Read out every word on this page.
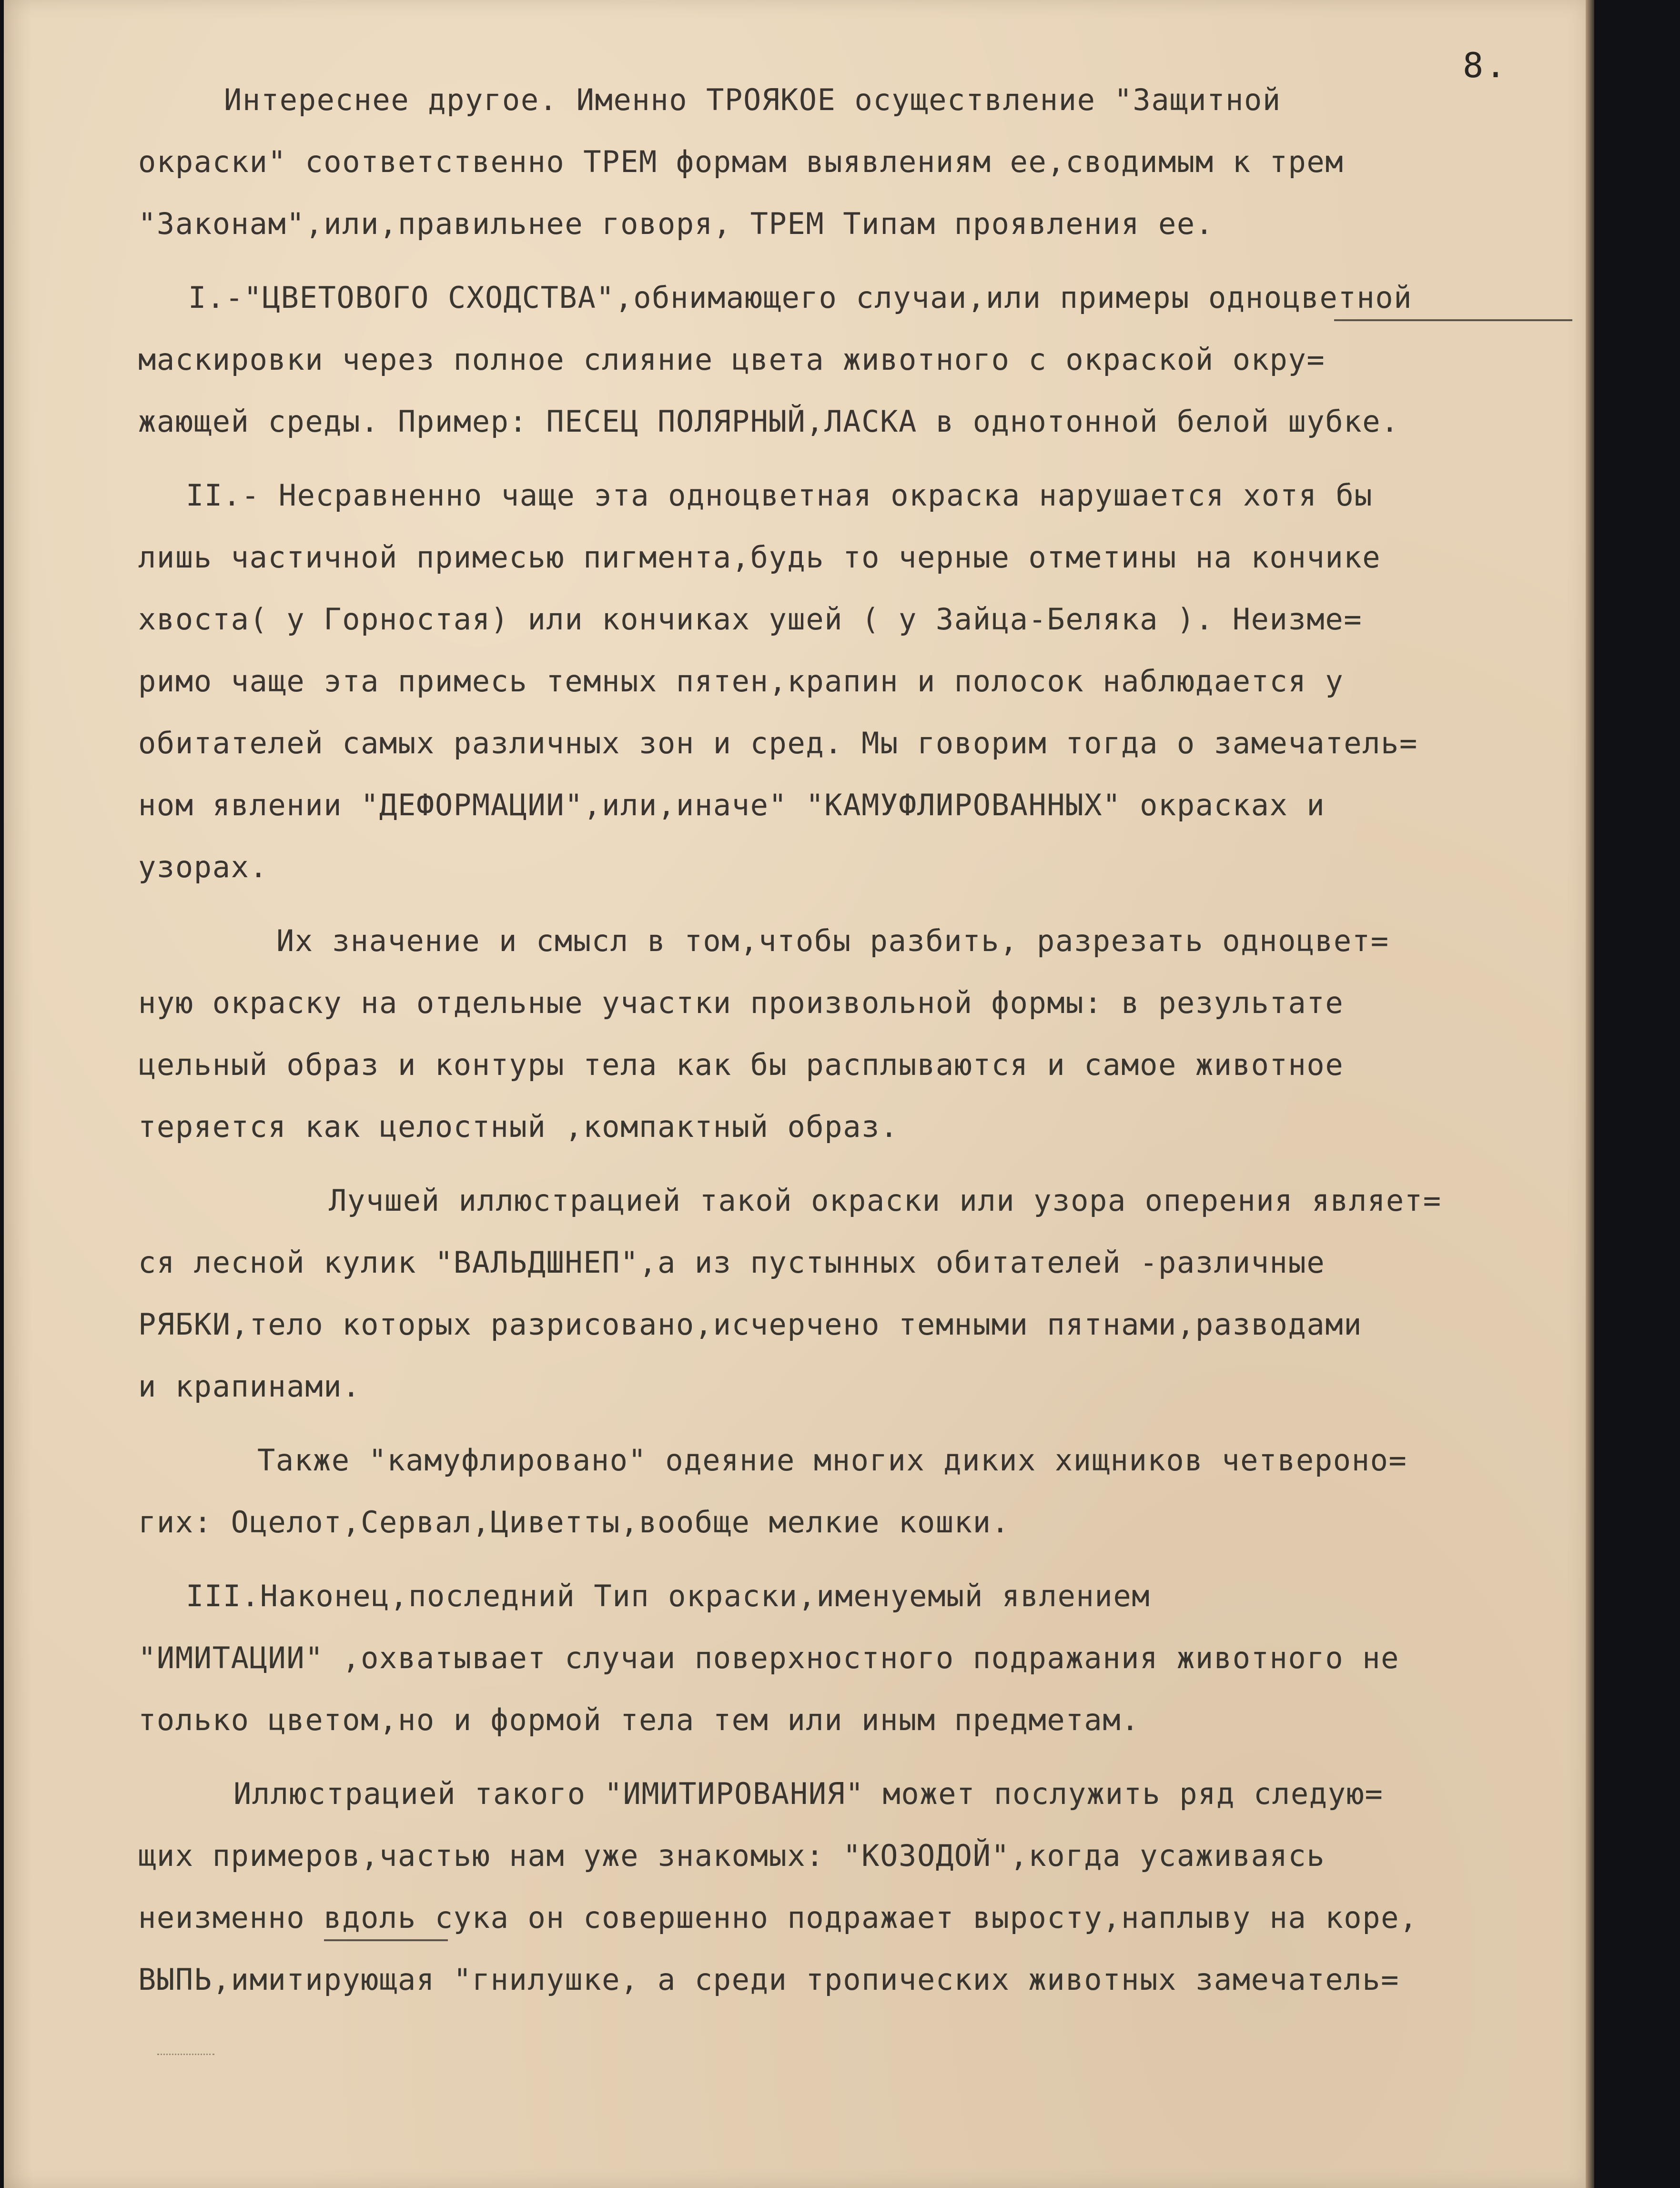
8.
Интереснее другое. Именно ТРОЯКОЕ осуществление "Защитной
окраски" соответственно ТРЕМ формам выявлениям ее,сводимым к трем
"Законам",или,правильнее говоря, ТРЕМ Типам проявления ее.
I.-"ЦВЕТОВОГО СХОДСТВА",обнимающего случаи,или примеры одноцветной
маскировки через полное слияние цвета животного с окраской окру=
жающей среды. Пример: ПЕСЕЦ ПОЛЯРНЫЙ,ЛАСКА в однотонной белой шубке.
II.- Несравненно чаще эта одноцветная окраска нарушается хотя бы
лишь частичной примесью пигмента,будь то черные отметины на кончике
хвоста( у Горностая) или кончиках ушей ( у Зайца-Беляка ). Неизме=
римо чаще эта примесь темных пятен,крапин и полосок наблюдается у
обитателей самых различных зон и сред. Мы говорим тогда о замечатель=
ном явлении "ДЕФОРМАЦИИ",или,иначе" "КАМУФЛИРОВАННЫХ" окрасках и
узорах.
Их значение и смысл в том,чтобы разбить, разрезать одноцвет=
ную окраску на отдельные участки произвольной формы: в результате
цельный образ и контуры тела как бы расплываются и самое животное
теряется как целостный ,компактный образ.
Лучшей иллюстрацией такой окраски или узора оперения являет=
ся лесной кулик "ВАЛЬДШНЕП",а из пустынных обитателей -различные
РЯБКИ,тело которых разрисовано,исчерчено темными пятнами,разводами
и крапинами.
Также "камуфлировано" одеяние многих диких хищников четвероно=
гих: Оцелот,Сервал,Циветты,вообще мелкие кошки.
III.Наконец,последний Тип окраски,именуемый явлением
"ИМИТАЦИИ" ,охватывает случаи поверхностного подражания животного не
только цветом,но и формой тела тем или иным предметам.
Иллюстрацией такого "ИМИТИРОВАНИЯ" может послужить ряд следую=
щих примеров,частью нам уже знакомых: "КОЗОДОЙ",когда усаживаясь
неизменно вдоль сука он совершенно подражает выросту,наплыву на коре,
ВЫПЬ,имитирующая "гнилушке, а среди тропических животных замечатель=
